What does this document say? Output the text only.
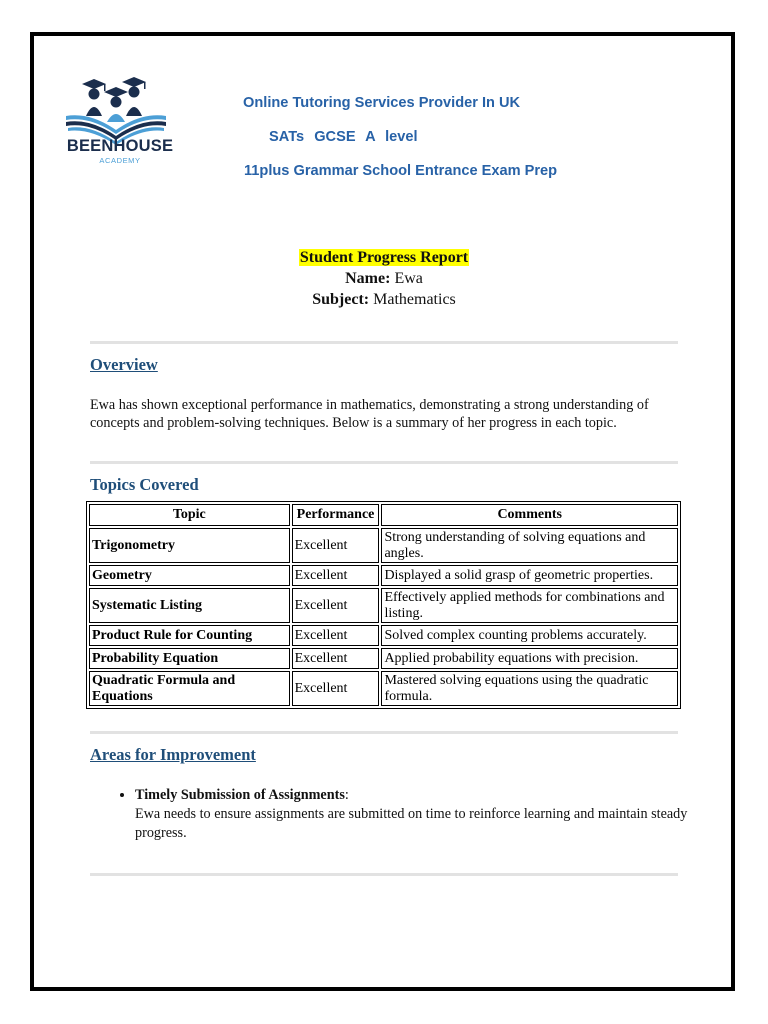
BEENHOUSE
ACADEMY
Online Tutoring Services Provider In UK
SATs GCSE A level
11plus Grammar School Entrance Exam Prep
Student Progress Report
Name: Ewa
Subject: Mathematics
Overview
Ewa has shown exceptional performance in mathematics, demonstrating a strong understanding of concepts and problem-solving techniques. Below is a summary of her progress in each topic.
Topics Covered
Topic	Performance	Comments
Trigonometry	Excellent	Strong understanding of solving equations and angles.
Geometry	Excellent	Displayed a solid grasp of geometric properties.
Systematic Listing	Excellent	Effectively applied methods for combinations and listing.
Product Rule for Counting	Excellent	Solved complex counting problems accurately.
Probability Equation	Excellent	Applied probability equations with precision.
Quadratic Formula and Equations	Excellent	Mastered solving equations using the quadratic formula.
Areas for Improvement
• Timely Submission of Assignments:
Ewa needs to ensure assignments are submitted on time to reinforce learning and maintain steady progress.
